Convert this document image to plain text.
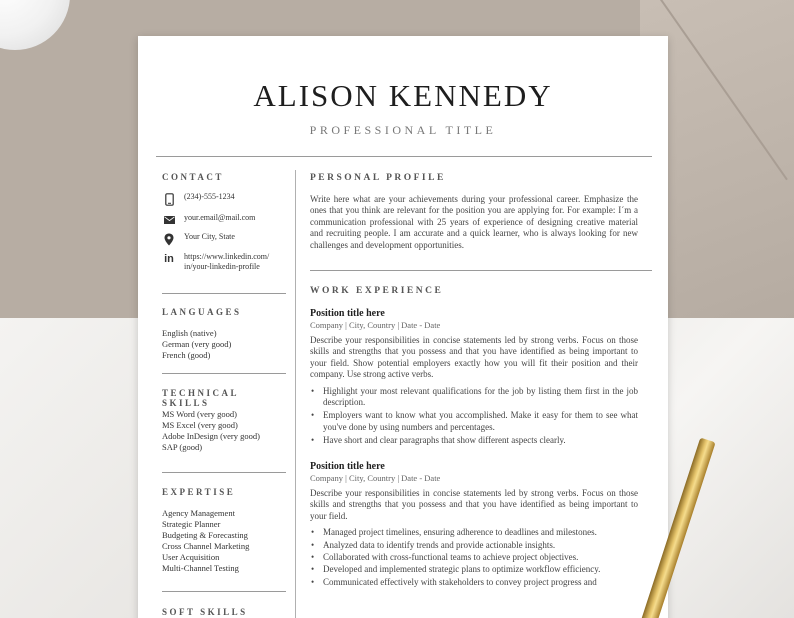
ALISON KENNEDY
PROFESSIONAL TITLE
CONTACT
(234)-555-1234
your.email@mail.com
Your City, State
in https://www.linkedin.com/
in/your-linkedin-profile
LANGUAGES
English (native)
German (very good)
French (good)
TECHNICAL SKILLS
MS Word (very good)
MS Excel (very good)
Adobe InDesign (very good)
SAP (good)
EXPERTISE
Agency Management
Strategic Planner
Budgeting & Forecasting
Cross Channel Marketing
User Acquisition
Multi-Channel Testing
SOFT SKILLS
PERSONAL PROFILE
Write here what are your achievements during your professional career. Emphasize the ones that you think are relevant for the position you are applying for. For example: I´m a communication professional with 25 years of experience of designing creative material and recruiting people. I am accurate and a quick learner, who is always looking for new challenges and development opportunities.
WORK EXPERIENCE
Position title here
Company | City, Country | Date - Date
Describe your responsibilities in concise statements led by strong verbs. Focus on those skills and strengths that you possess and that you have identified as being important to your field. Show potential employers exactly how you will fit their position and their company. Use strong active verbs.
• Highlight your most relevant qualifications for the job by listing them first in the job description.
• Employers want to know what you accomplished. Make it easy for them to see what you've done by using numbers and percentages.
• Have short and clear paragraphs that show different aspects clearly.
Position title here
Company | City, Country | Date - Date
Describe your responsibilities in concise statements led by strong verbs. Focus on those skills and strengths that you possess and that you have identified as being important to your field.
• Managed project timelines, ensuring adherence to deadlines and milestones.
• Analyzed data to identify trends and provide actionable insights.
• Collaborated with cross-functional teams to achieve project objectives.
• Developed and implemented strategic plans to optimize workflow efficiency.
• Communicated effectively with stakeholders to convey project progress and
